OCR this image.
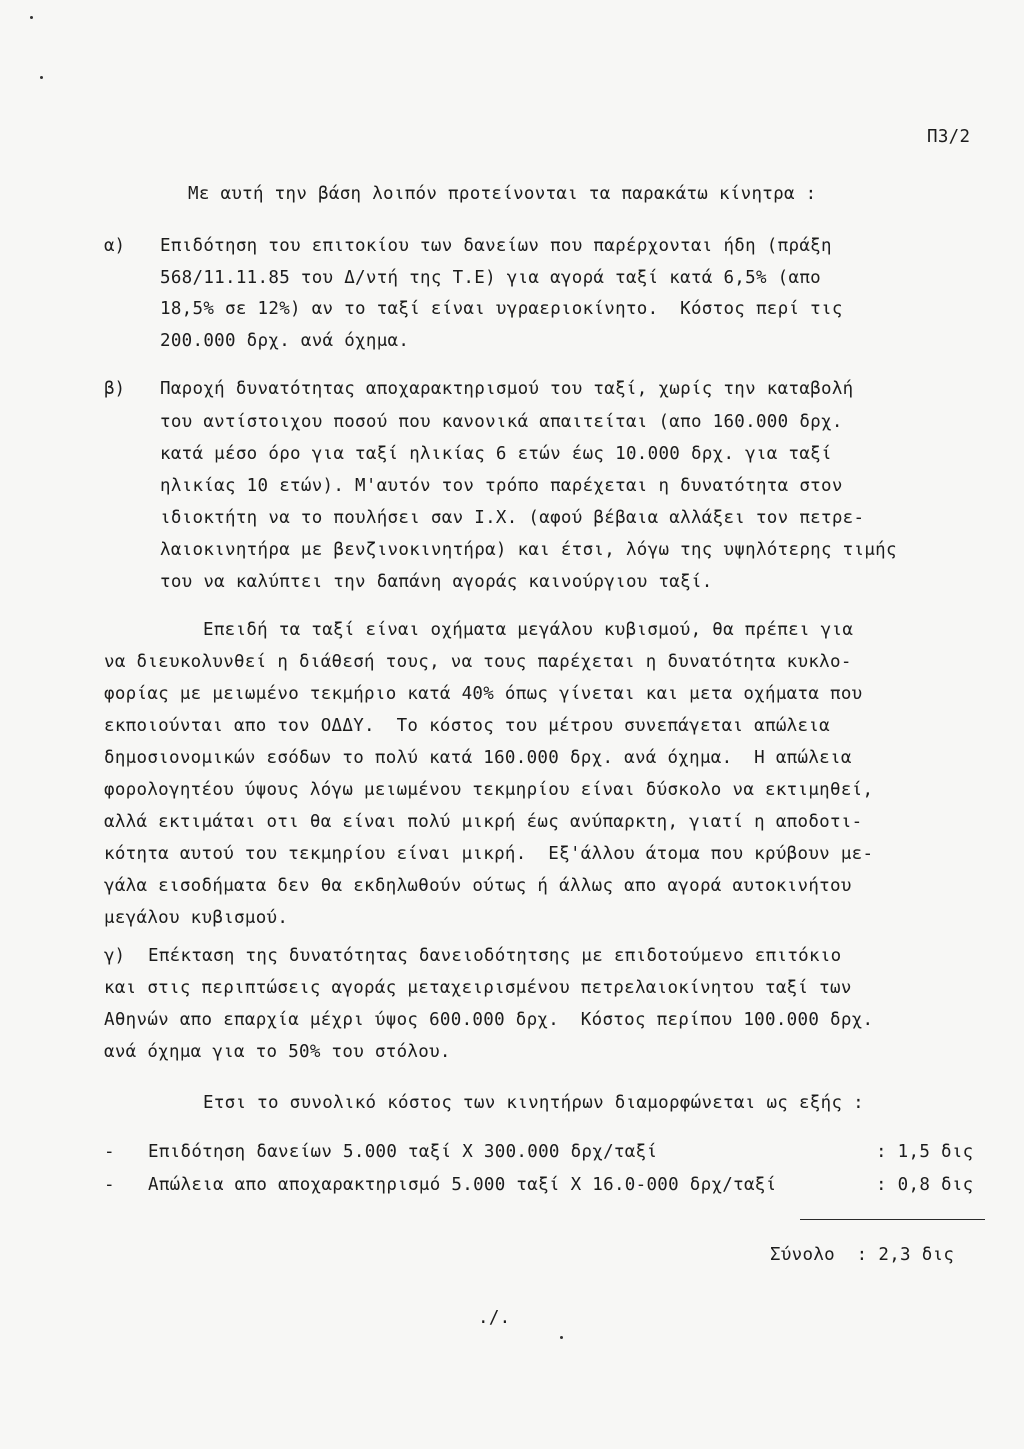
Π3/2
Με αυτή την βάση λοιπόν προτείνονται τα παρακάτω κίνητρα :
α) Επιδότηση του επιτοκίου των δανείων που παρέρχονται ήδη (πράξη
568/11.11.85 του Δ/ντή της Τ.Ε) για αγορά ταξί κατά 6,5% (απο
18,5% σε 12%) αν το ταξί είναι υγραεριοκίνητο.  Κόστος περί τις
200.000 δρχ. ανά όχημα.
β) Παροχή δυνατότητας αποχαρακτηρισμού του ταξί, χωρίς την καταβολή
του αντίστοιχου ποσού που κανονικά απαιτείται (απο 160.000 δρχ.
κατά μέσο όρο για ταξί ηλικίας 6 ετών έως 10.000 δρχ. για ταξί
ηλικίας 10 ετών). Μ'αυτόν τον τρόπο παρέχεται η δυνατότητα στον
ιδιοκτήτη να το πουλήσει σαν Ι.Χ. (αφού βέβαια αλλάξει τον πετρε-
λαιοκινητήρα με βενζινοκινητήρα) και έτσι, λόγω της υψηλότερης τιμής
του να καλύπτει την δαπάνη αγοράς καινούργιου ταξί.
Επειδή τα ταξί είναι οχήματα μεγάλου κυβισμού, θα πρέπει για
να διευκολυνθεί η διάθεσή τους, να τους παρέχεται η δυνατότητα κυκλο-
φορίας με μειωμένο τεκμήριο κατά 40% όπως γίνεται και μετα οχήματα που
εκποιούνται απο τον ΟΔΔΥ.  Το κόστος του μέτρου συνεπάγεται απώλεια
δημοσιονομικών εσόδων το πολύ κατά 160.000 δρχ. ανά όχημα.  Η απώλεια
φορολογητέου ύψους λόγω μειωμένου τεκμηρίου είναι δύσκολο να εκτιμηθεί,
αλλά εκτιμάται οτι θα είναι πολύ μικρή έως ανύπαρκτη, γιατί η αποδοτι-
κότητα αυτού του τεκμηρίου είναι μικρή.  Εξ'άλλου άτομα που κρύβουν με-
γάλα εισοδήματα δεν θα εκδηλωθούν ούτως ή άλλως απο αγορά αυτοκινήτου
μεγάλου κυβισμού.
γ) Επέκταση της δυνατότητας δανειοδότητσης με επιδοτούμενο επιτόκιο
και στις περιπτώσεις αγοράς μεταχειρισμένου πετρελαιοκίνητου ταξί των
Αθηνών απο επαρχία μέχρι ύψος 600.000 δρχ.  Κόστος περίπου 100.000 δρχ.
ανά όχημα για το 50% του στόλου.
Ετσι το συνολικό κόστος των κινητήρων διαμορφώνεται ως εξής :
- Επιδότηση δανείων 5.000 ταξί Χ 300.000 δρχ/ταξί	: 1,5 δις
- Απώλεια απο αποχαρακτηρισμό 5.000 ταξί Χ 16.0-000 δρχ/ταξί	: 0,8 δις
Σύνολο  : 2,3 δις
./.
